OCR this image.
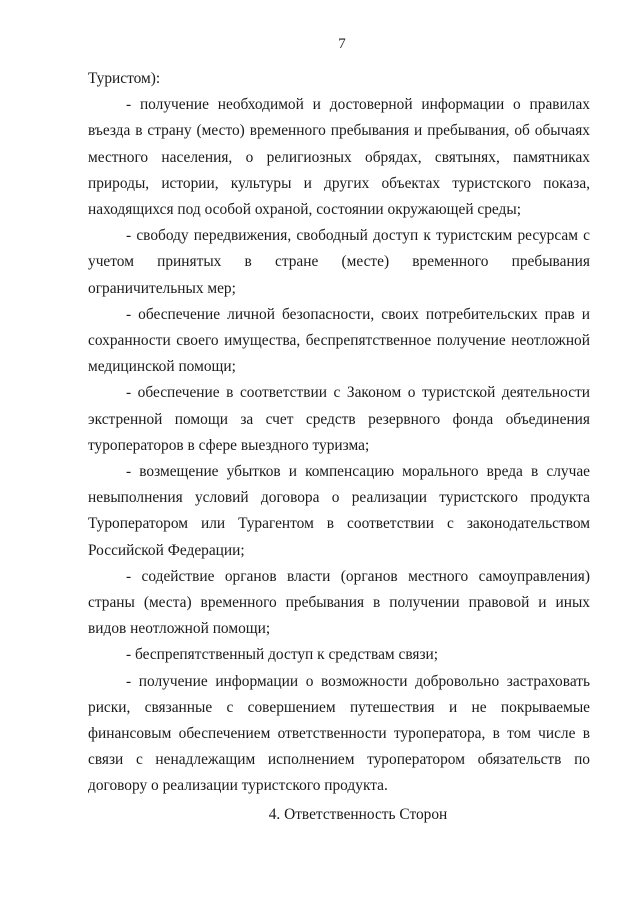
7

Туристом):

- получение необходимой и достоверной информации о правилах въезда в страну (место) временного пребывания и пребывания, об обычаях местного населения, о религиозных обрядах, святынях, памятниках природы, истории, культуры и других объектах туристского показа, находящихся под особой охраной, состоянии окружающей среды;

- свободу передвижения, свободный доступ к туристским ресурсам с учетом принятых в стране (месте) временного пребывания ограничительных мер;

- обеспечение личной безопасности, своих потребительских прав и сохранности своего имущества, беспрепятственное получение неотложной медицинской помощи;

- обеспечение в соответствии с Законом о туристской деятельности экстренной помощи за счет средств резервного фонда объединения туроператоров в сфере выездного туризма;

- возмещение убытков и компенсацию морального вреда в случае невыполнения условий договора о реализации туристского продукта Туроператором или Турагентом в соответствии с законодательством Российской Федерации;

- содействие органов власти (органов местного самоуправления) страны (места) временного пребывания в получении правовой и иных видов неотложной помощи;

- беспрепятственный доступ к средствам связи;

- получение информации о возможности добровольно застраховать риски, связанные с совершением путешествия и не покрываемые финансовым обеспечением ответственности туроператора, в том числе в связи с ненадлежащим исполнением туроператором обязательств по договору о реализации туристского продукта.

4. Ответственность Сторон
